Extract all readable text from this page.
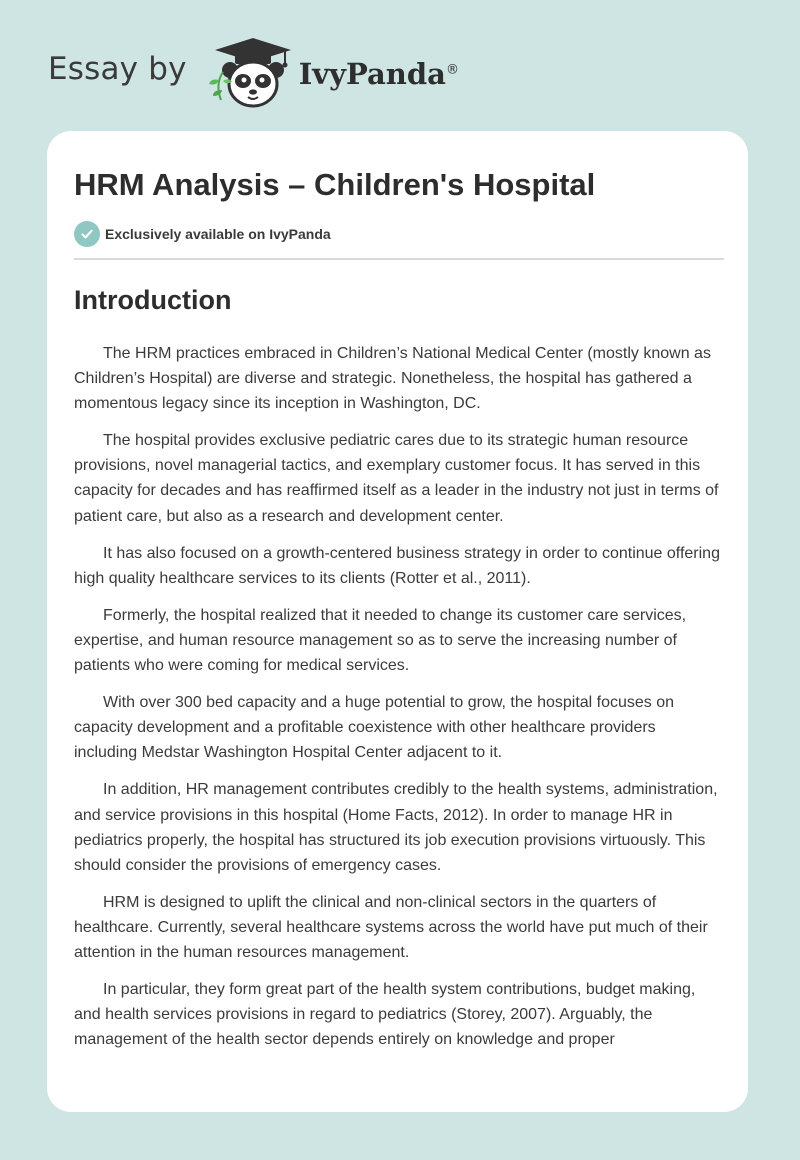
Essay by	IvyPanda®
HRM Analysis – Children's Hospital
Exclusively available on IvyPanda
Introduction

The HRM practices embraced in Children’s National Medical Center (mostly known as Children’s Hospital) are diverse and strategic. Nonetheless, the hospital has gathered a momentous legacy since its inception in Washington, DC.

The hospital provides exclusive pediatric cares due to its strategic human resource provisions, novel managerial tactics, and exemplary customer focus. It has served in this capacity for decades and has reaffirmed itself as a leader in the industry not just in terms of patient care, but also as a research and development center.

It has also focused on a growth-centered business strategy in order to continue offering high quality healthcare services to its clients (Rotter et al., 2011).

Formerly, the hospital realized that it needed to change its customer care services, expertise, and human resource management so as to serve the increasing number of patients who were coming for medical services.

With over 300 bed capacity and a huge potential to grow, the hospital focuses on capacity development and a profitable coexistence with other healthcare providers including Medstar Washington Hospital Center adjacent to it.

In addition, HR management contributes credibly to the health systems, administration, and service provisions in this hospital (Home Facts, 2012). In order to manage HR in pediatrics properly, the hospital has structured its job execution provisions virtuously. This should consider the provisions of emergency cases.

HRM is designed to uplift the clinical and non-clinical sectors in the quarters of healthcare. Currently, several healthcare systems across the world have put much of their attention in the human resources management.

In particular, they form great part of the health system contributions, budget making, and health services provisions in regard to pediatrics (Storey, 2007). Arguably, the management of the health sector depends entirely on knowledge and proper
